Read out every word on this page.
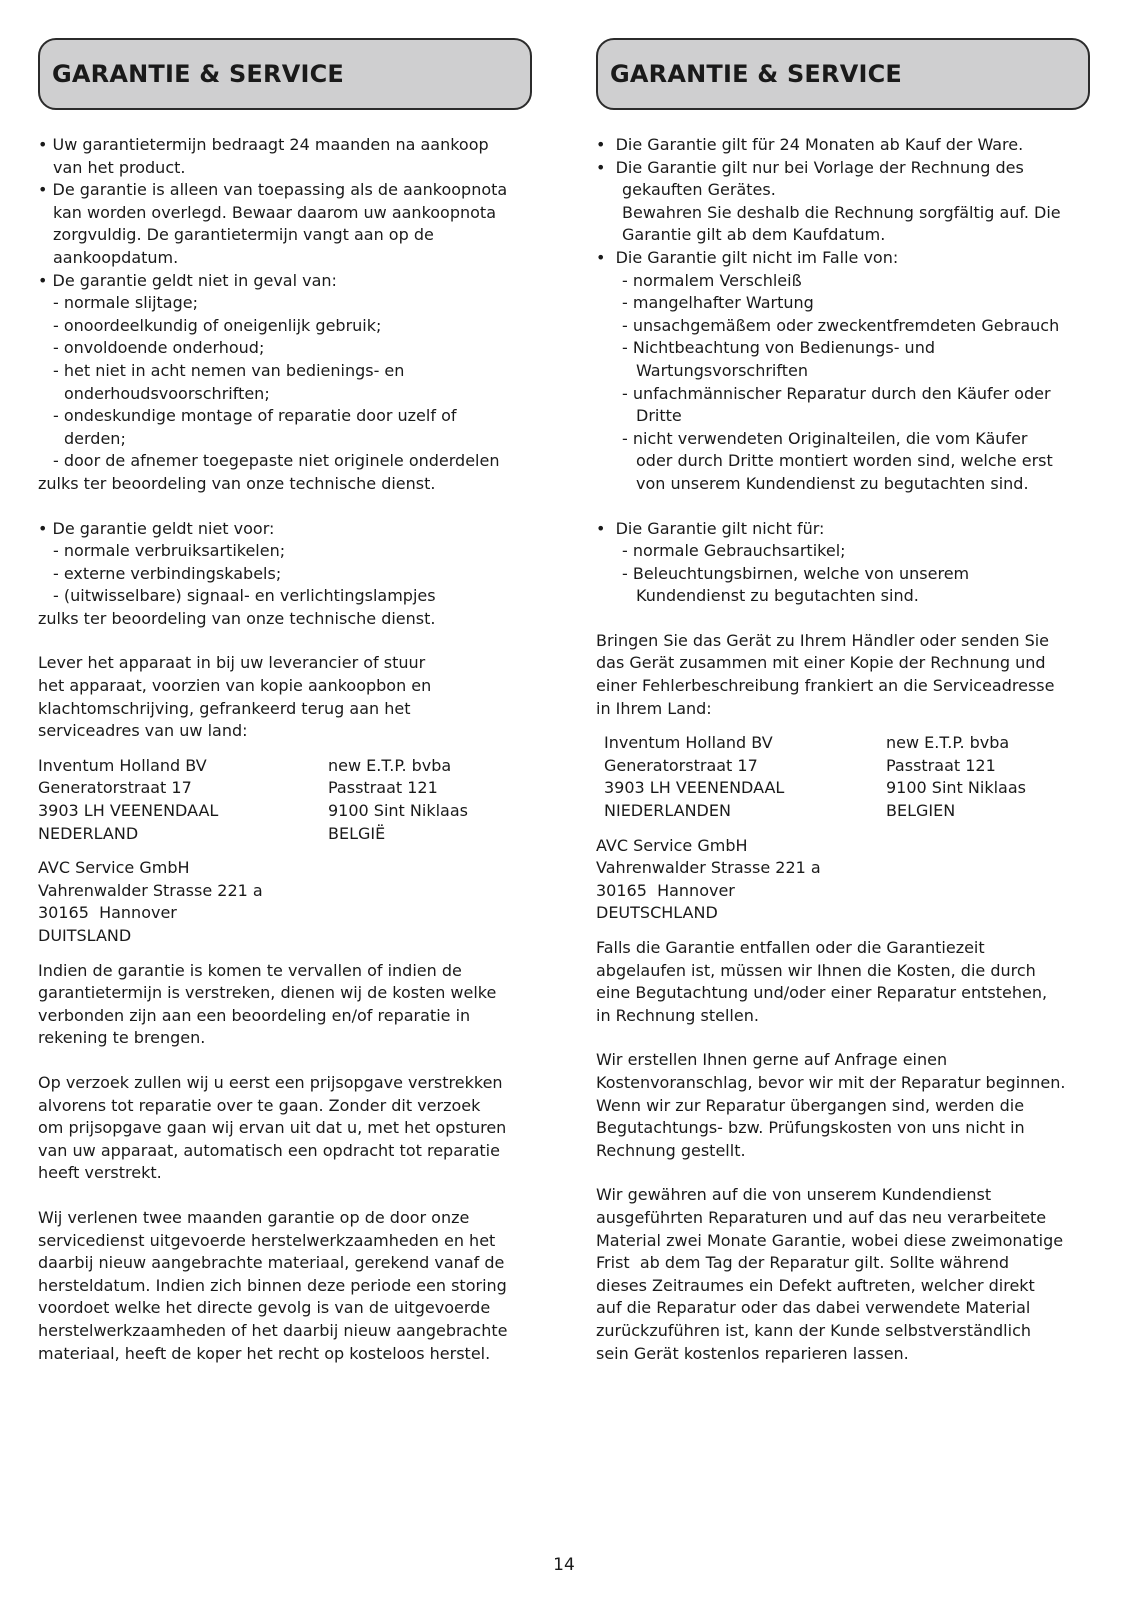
GARANTIE & SERVICE
• Uw garantietermijn bedraagt 24 maanden na aankoop
van het product.
• De garantie is alleen van toepassing als de aankoopnota
kan worden overlegd. Bewaar daarom uw aankoopnota
zorgvuldig. De garantietermijn vangt aan op de
aankoopdatum.
• De garantie geldt niet in geval van:
- normale slijtage;
- onoordeelkundig of oneigenlijk gebruik;
- onvoldoende onderhoud;
- het niet in acht nemen van bedienings- en
onderhoudsvoorschriften;
- ondeskundige montage of reparatie door uzelf of
derden;
- door de afnemer toegepaste niet originele onderdelen
zulks ter beoordeling van onze technische dienst.
• De garantie geldt niet voor:
- normale verbruiksartikelen;
- externe verbindingskabels;
- (uitwisselbare) signaal- en verlichtingslampjes
zulks ter beoordeling van onze technische dienst.
Lever het apparaat in bij uw leverancier of stuur
het apparaat, voorzien van kopie aankoopbon en
klachtomschrijving, gefrankeerd terug aan het
serviceadres van uw land:
Inventum Holland BV	new E.T.P. bvba
Generatorstraat 17	Passtraat 121
3903 LH VEENENDAAL	9100 Sint Niklaas
NEDERLAND	BELGIË
AVC Service GmbH
Vahrenwalder Strasse 221 a
30165  Hannover
DUITSLAND
Indien de garantie is komen te vervallen of indien de
garantietermijn is verstreken, dienen wij de kosten welke
verbonden zijn aan een beoordeling en/of reparatie in
rekening te brengen.
Op verzoek zullen wij u eerst een prijsopgave verstrekken
alvorens tot reparatie over te gaan. Zonder dit verzoek
om prijsopgave gaan wij ervan uit dat u, met het opsturen
van uw apparaat, automatisch een opdracht tot reparatie
heeft verstrekt.
Wij verlenen twee maanden garantie op de door onze
servicedienst uitgevoerde herstelwerkzaamheden en het
daarbij nieuw aangebrachte materiaal, gerekend vanaf de
hersteldatum. Indien zich binnen deze periode een storing
voordoet welke het directe gevolg is van de uitgevoerde
herstelwerkzaamheden of het daarbij nieuw aangebrachte
materiaal, heeft de koper het recht op kosteloos herstel.
GARANTIE & SERVICE
•  Die Garantie gilt für 24 Monaten ab Kauf der Ware.
•  Die Garantie gilt nur bei Vorlage der Rechnung des
gekauften Gerätes.
Bewahren Sie deshalb die Rechnung sorgfältig auf. Die
Garantie gilt ab dem Kaufdatum.
•  Die Garantie gilt nicht im Falle von:
- normalem Verschleiß
- mangelhafter Wartung
- unsachgemäßem oder zweckentfremdeten Gebrauch
- Nichtbeachtung von Bedienungs- und
Wartungsvorschriften
- unfachmännischer Reparatur durch den Käufer oder
Dritte
- nicht verwendeten Originalteilen, die vom Käufer
oder durch Dritte montiert worden sind, welche erst
von unserem Kundendienst zu begutachten sind.
•  Die Garantie gilt nicht für:
- normale Gebrauchsartikel;
- Beleuchtungsbirnen, welche von unserem
Kundendienst zu begutachten sind.
Bringen Sie das Gerät zu Ihrem Händler oder senden Sie
das Gerät zusammen mit einer Kopie der Rechnung und
einer Fehlerbeschreibung frankiert an die Serviceadresse
in Ihrem Land:
Inventum Holland BV	new E.T.P. bvba
Generatorstraat 17	Passtraat 121
3903 LH VEENENDAAL	9100 Sint Niklaas
NIEDERLANDEN	BELGIEN
AVC Service GmbH
Vahrenwalder Strasse 221 a
30165  Hannover
DEUTSCHLAND
Falls die Garantie entfallen oder die Garantiezeit
abgelaufen ist, müssen wir Ihnen die Kosten, die durch
eine Begutachtung und/oder einer Reparatur entstehen,
in Rechnung stellen.
Wir erstellen Ihnen gerne auf Anfrage einen
Kostenvoranschlag, bevor wir mit der Reparatur beginnen.
Wenn wir zur Reparatur übergangen sind, werden die
Begutachtungs- bzw. Prüfungskosten von uns nicht in
Rechnung gestellt.
Wir gewähren auf die von unserem Kundendienst
ausgeführten Reparaturen und auf das neu verarbeitete
Material zwei Monate Garantie, wobei diese zweimonatige
Frist  ab dem Tag der Reparatur gilt. Sollte während
dieses Zeitraumes ein Defekt auftreten, welcher direkt
auf die Reparatur oder das dabei verwendete Material
zurückzuführen ist, kann der Kunde selbstverständlich
sein Gerät kostenlos reparieren lassen.
14
